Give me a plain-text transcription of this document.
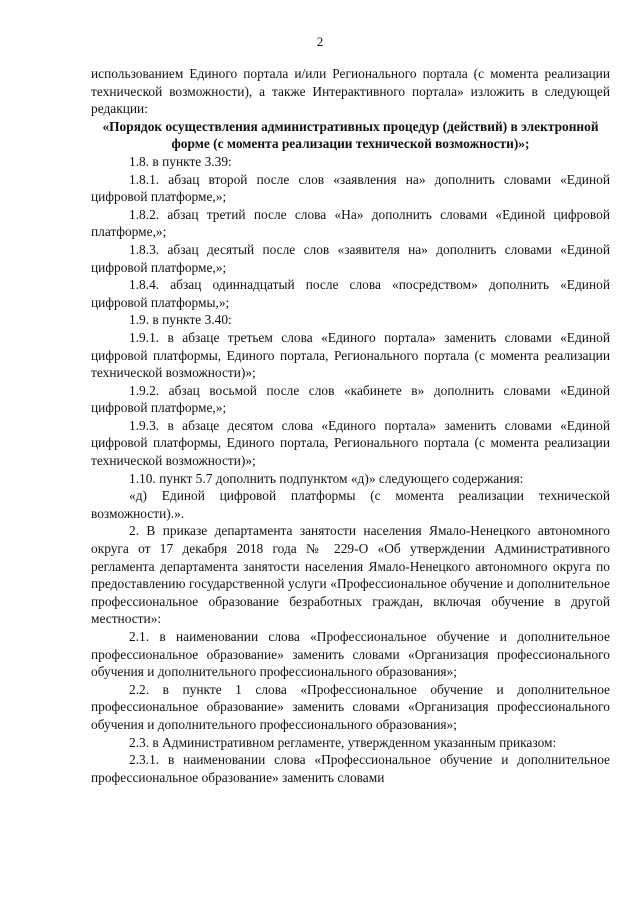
2

использованием Единого портала и/или Регионального портала (с момента реализации технической возможности), а также Интерактивного портала» изложить в следующей редакции:

«Порядок осуществления административных процедур (действий) в электронной форме (с момента реализации технической возможности)»;

1.8. в пункте 3.39:

1.8.1. абзац второй после слов «заявления на» дополнить словами «Единой цифровой платформе,»;

1.8.2. абзац третий после слова «На» дополнить словами «Единой цифровой платформе,»;

1.8.3. абзац десятый после слов «заявителя на» дополнить словами «Единой цифровой платформе,»;

1.8.4. абзац одиннадцатый после слова «посредством» дополнить «Единой цифровой платформы,»;

1.9. в пункте 3.40:

1.9.1. в абзаце третьем слова «Единого портала» заменить словами «Единой цифровой платформы, Единого портала, Регионального портала (с момента реализации технической возможности)»;

1.9.2. абзац восьмой после слов «кабинете в» дополнить словами «Единой цифровой платформе,»;

1.9.3. в абзаце десятом слова «Единого портала» заменить словами «Единой цифровой платформы, Единого портала, Регионального портала (с момента реализации технической возможности)»;

1.10. пункт 5.7 дополнить подпунктом «д)» следующего содержания:

«д) Единой цифровой платформы (с момента реализации технической возможности).».

2. В приказе департамента занятости населения Ямало-Ненецкого автономного округа от 17 декабря 2018 года № 229-О «Об утверждении Административного регламента департамента занятости населения Ямало-Ненецкого автономного округа по предоставлению государственной услуги «Профессиональное обучение и дополнительное профессиональное образование безработных граждан, включая обучение в другой местности»:

2.1. в наименовании слова «Профессиональное обучение и дополнительное профессиональное образование» заменить словами «Организация профессионального обучения и дополнительного профессионального образования»;

2.2. в пункте 1 слова «Профессиональное обучение и дополнительное профессиональное образование» заменить словами «Организация профессионального обучения и дополнительного профессионального образования»;

2.3. в Административном регламенте, утвержденном указанным приказом:

2.3.1. в наименовании слова «Профессиональное обучение и дополнительное профессиональное образование» заменить словами
